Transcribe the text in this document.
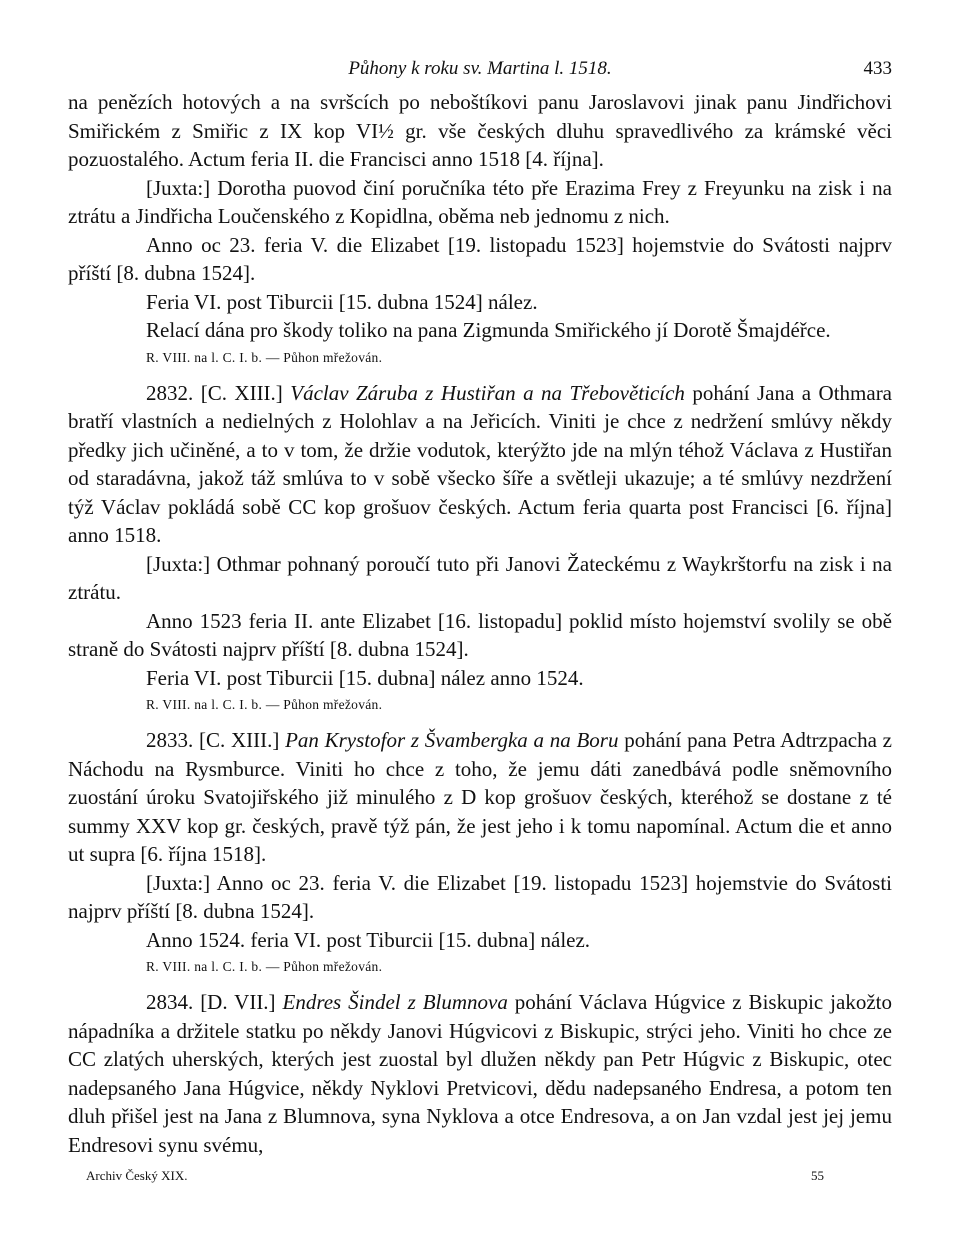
Půhony k roku sv. Martina l. 1518.	433

na penězích hotových a na svršcích po neboštíkovi panu Jaroslavovi jinak panu Jindřichovi Smiřickém z Smiřic z IX kop VI½ gr. vše českých dluhu spravedlivého za krámské věci pozuostalého. Actum feria II. die Francisci anno 1518 [4. října].

[Juxta:] Dorotha puovod činí poručníka této pře Erazima Frey z Freyunku na zisk i na ztrátu a Jindřicha Loučenského z Kopidlna, oběma neb jednomu z nich.

Anno oc 23. feria V. die Elizabet [19. listopadu 1523] hojemstvie do Svátosti najprv příští [8. dubna 1524].

Feria VI. post Tiburcii [15. dubna 1524] nález.

Relací dána pro škody toliko na pana Zigmunda Smiřického jí Dorotě Šmajdéřce.

R. VIII. na l. C. I. b. — Půhon mřežován.

2832. [C. XIII.] Václav Záruba z Hustiřan a na Třebověticích pohání Jana a Othmara bratří vlastních a nedielných z Holohlav a na Jeřicích. Viniti je chce z nedržení smlúvy někdy předky jich učiněné, a to v tom, že držie vodutok, kterýžto jde na mlýn téhož Václava z Hustiřan od staradávna, jakož táž smlúva to v sobě všecko šíře a světleji ukazuje; a té smlúvy nezdržení týž Václav pokládá sobě CC kop grošuov českých. Actum feria quarta post Francisci [6. října] anno 1518.

[Juxta:] Othmar pohnaný poroučí tuto při Janovi Žateckému z Waykrštorfu na zisk i na ztrátu.

Anno 1523 feria II. ante Elizabet [16. listopadu] poklid místo hojemství svolily se obě straně do Svátosti najprv příští [8. dubna 1524].

Feria VI. post Tiburcii [15. dubna] nález anno 1524.

R. VIII. na l. C. I. b. — Půhon mřežován.

2833. [C. XIII.] Pan Krystofor z Švambergka a na Boru pohání pana Petra Adtrzpacha z Náchodu na Rysmburce. Viniti ho chce z toho, že jemu dáti zanedbává podle sněmovního zuostání úroku Svatojiřského již minulého z D kop grošuov českých, kteréhož se dostane z té summy XXV kop gr. českých, pravě týž pán, že jest jeho i k tomu napomínal. Actum die et anno ut supra [6. října 1518].

[Juxta:] Anno oc 23. feria V. die Elizabet [19. listopadu 1523] hojemstvie do Svátosti najprv příští [8. dubna 1524].

Anno 1524. feria VI. post Tiburcii [15. dubna] nález.

R. VIII. na l. C. I. b. — Půhon mřežován.

2834. [D. VII.] Endres Šindel z Blumnova pohání Václava Húgvice z Biskupic jakožto nápadníka a držitele statku po někdy Janovi Húgvicovi z Biskupic, strýci jeho. Viniti ho chce ze CC zlatých uherských, kterých jest zuostal byl dlužen někdy pan Petr Húgvic z Biskupic, otec nadepsaného Jana Húgvice, někdy Nyklovi Pretvicovi, dědu nadepsaného Endresa, a potom ten dluh přišel jest na Jana z Blumnova, syna Nyklova a otce Endresova, a on Jan vzdal jest jej jemu Endresovi synu svému,

Archiv Český XIX.	55
